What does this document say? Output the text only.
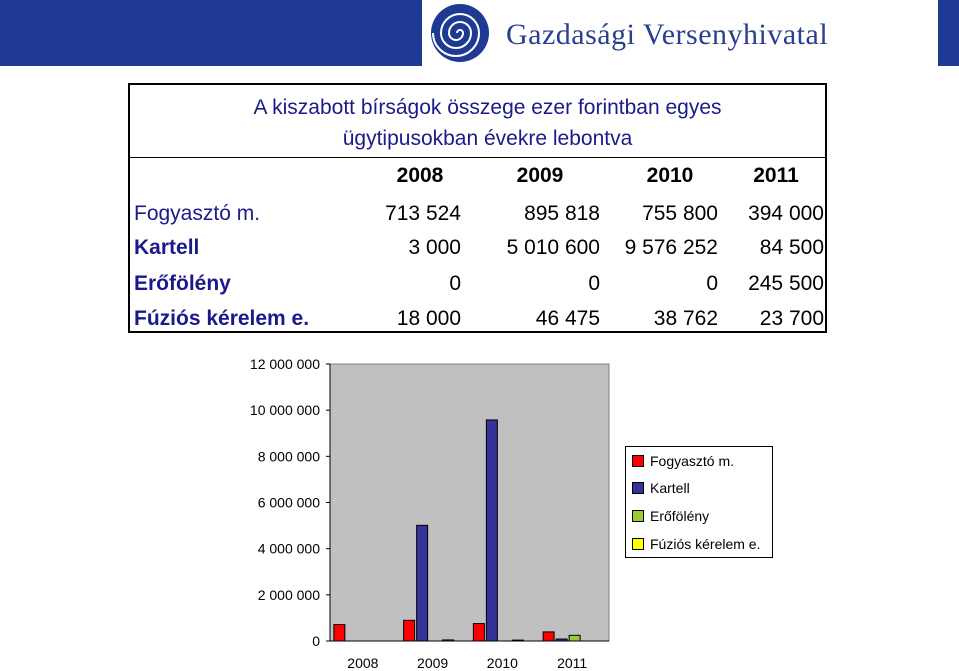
Gazdasági Versenyhivatal
A kiszabott bírságok összege ezer forintban egyes
ügytipusokban évekre lebontva
2008	2009	2010	2011
Fogyasztó m.	713 524	895 818	755 800	394 000
Kartell	3 000	5 010 600	9 576 252	84 500
Erőfölény	0	0	0	245 500
Fúziós kérelem e.	18 000	46 475	38 762	23 700
0
2 000 000
4 000 000
6 000 000
8 000 000
10 000 000
12 000 000
2008	2009	2010	2011
Fogyasztó m.
Kartell
Erőfölény
Fúziós kérelem e.
